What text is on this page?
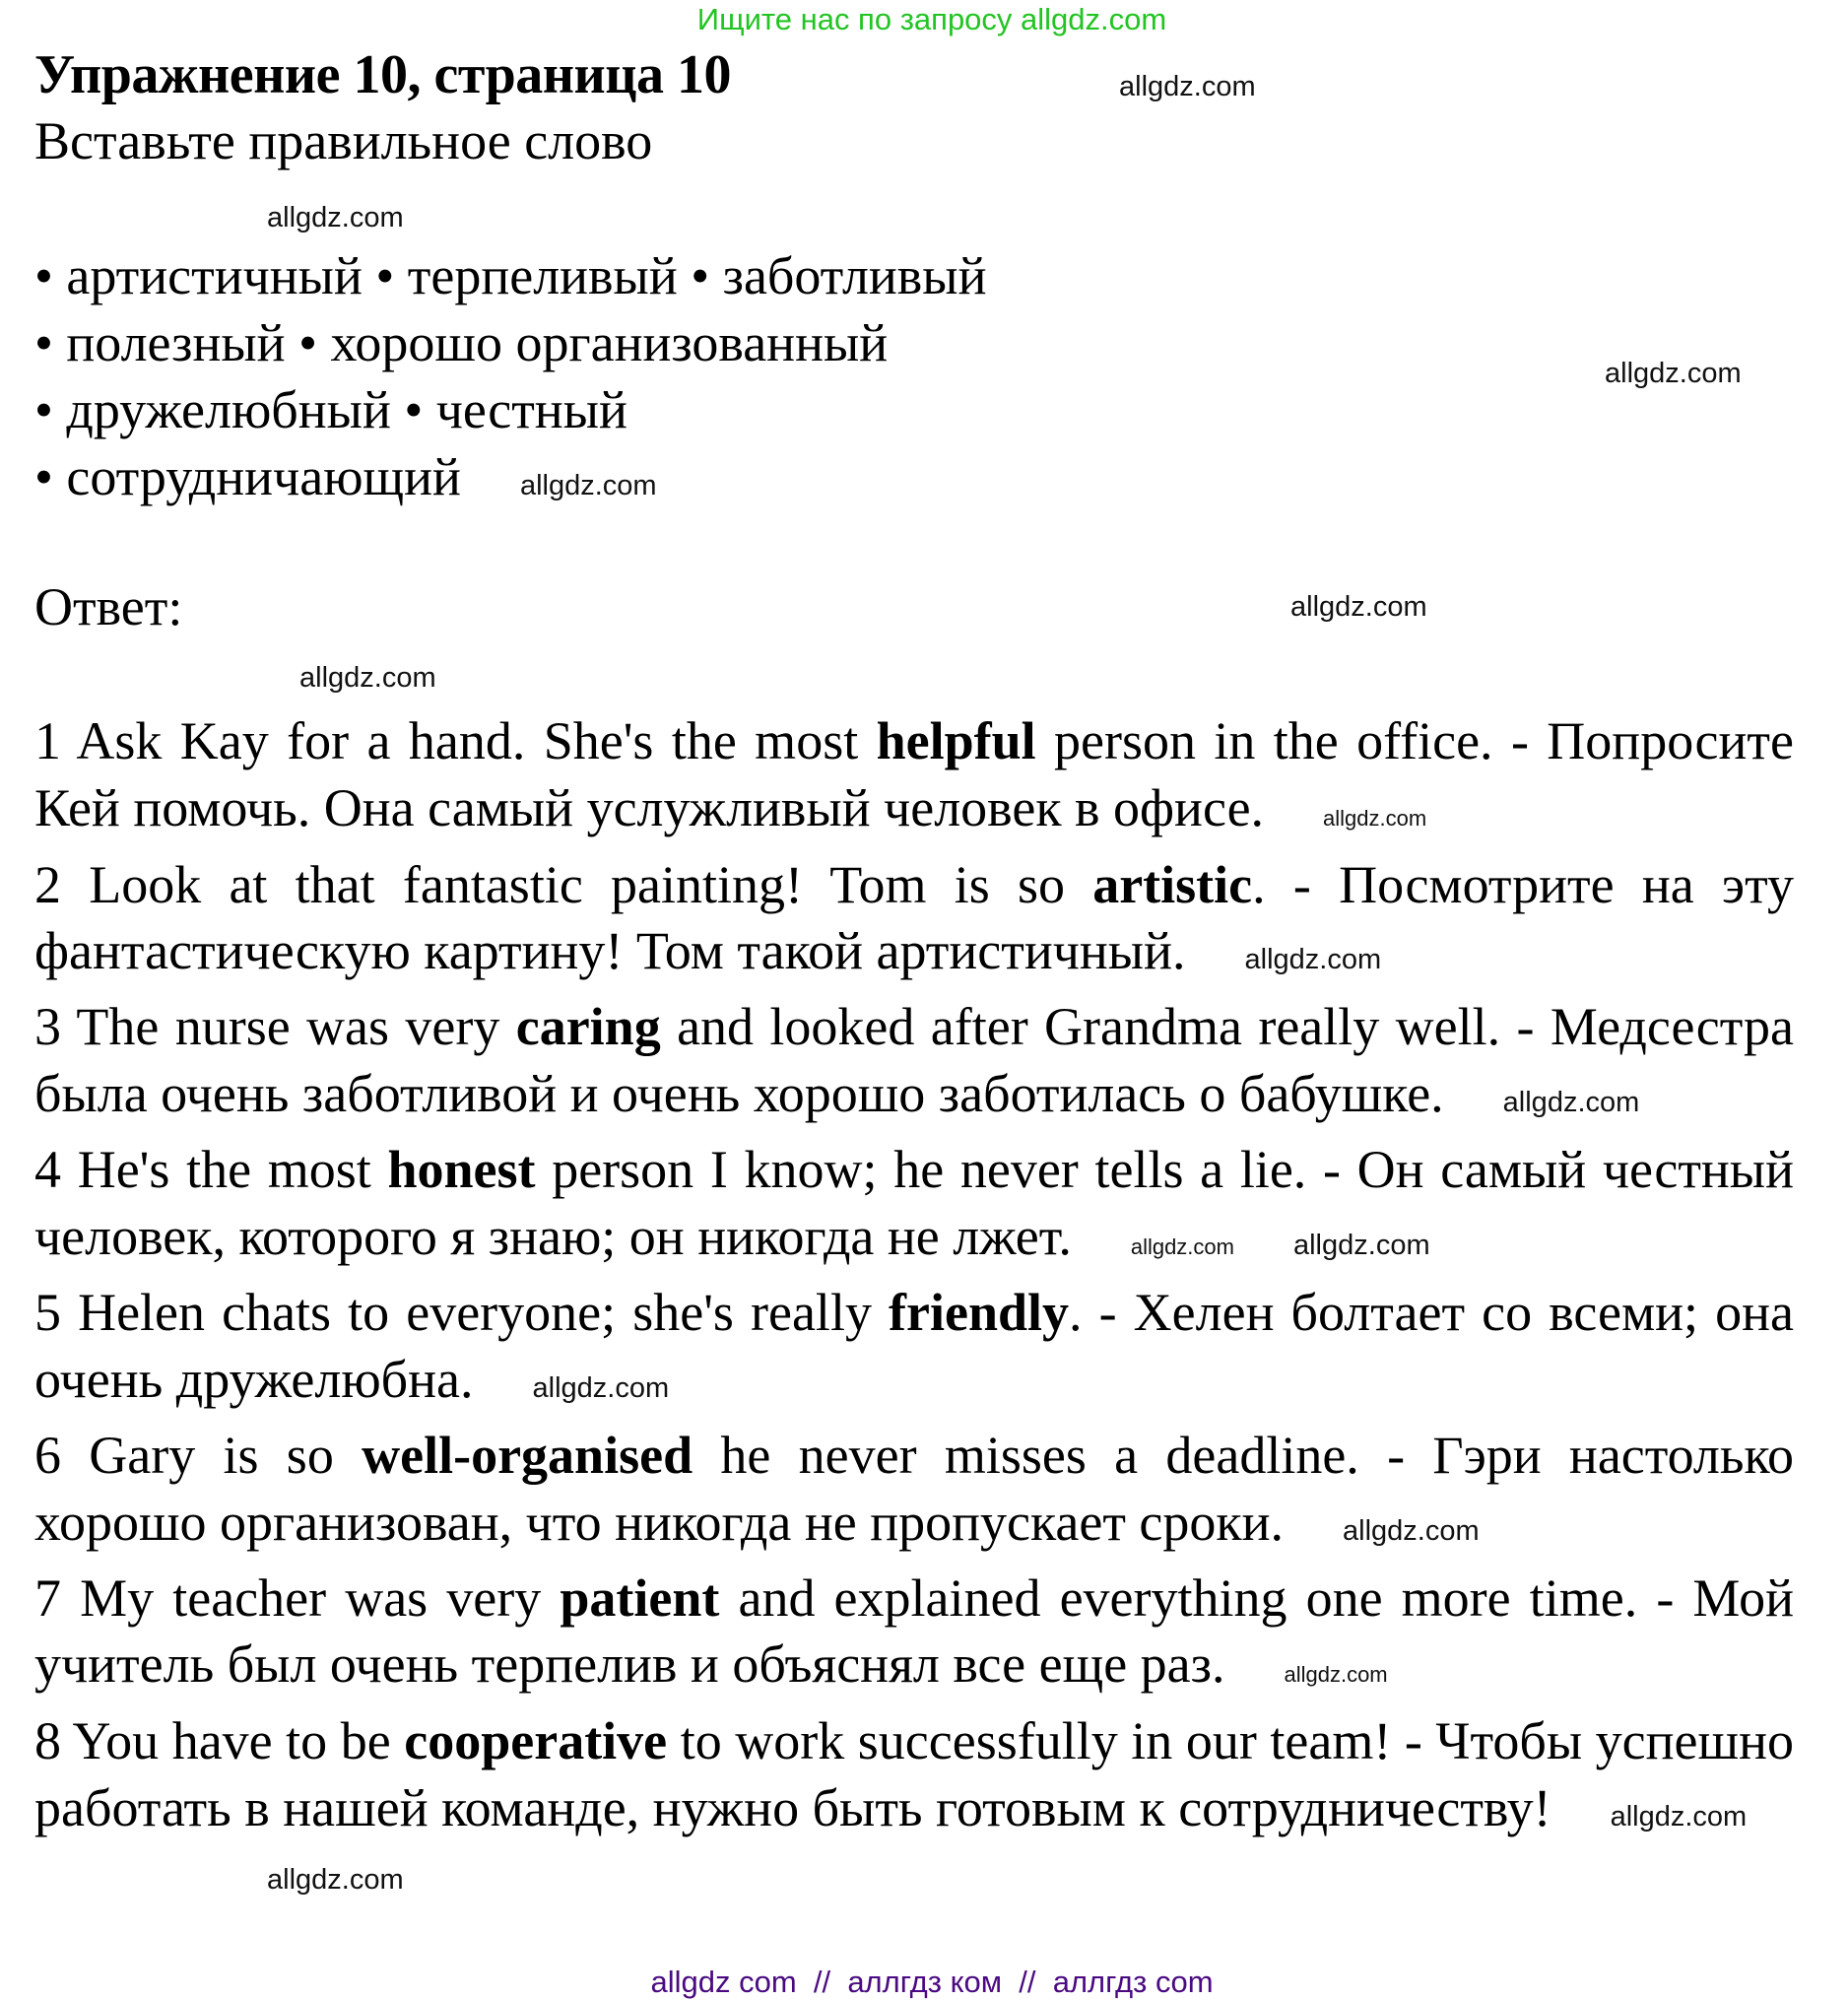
Ищите нас по запросу allgdz.com
Упражнение 10, страница 10
Вставьте правильное слово
• артистичный • терпеливый • заботливый
• полезный • хорошо организованный
• дружелюбный • честный
• сотрудничающий allgdz.com
Ответ:

1 Ask Kay for a hand. She's the most helpful person in the office. - Попросите Кей помочь. Она самый услужливый человек в офисе.	allgdz.com

2 Look at that fantastic painting! Tom is so artistic. - Посмотрите на эту фантастическую картину! Том такой артистичный. allgdz.com

3 The nurse was very caring and looked after Grandma really well. - Медсестра была очень заботливой и очень хорошо заботилась о бабушке. allgdz.com

4 He's the most honest person I know; he never tells a lie. - Он самый честный человек, которого я знаю; он никогда не лжет.	allgdz.com allgdz.com

5 Helen chats to everyone; she's really friendly. - Хелен болтает со всеми; она очень дружелюбна. allgdz.com

6 Gary is so well-organised he never misses a deadline. - Гэри настолько хорошо организован, что никогда не пропускает сроки. allgdz.com

7 My teacher was very patient and explained everything one more time. - Мой учитель был очень терпелив и объяснял все еще раз.	allgdz.com

8 You have to be cooperative to work successfully in our team! - Чтобы успешно работать в нашей команде, нужно быть готовым к сотрудничеству! allgdz.com

allgdz.com
allgdz.com
allgdz.com
allgdz.com
allgdz.com
allgdz.com
allgdz com  //  аллгдз ком  //  аллгдз com
